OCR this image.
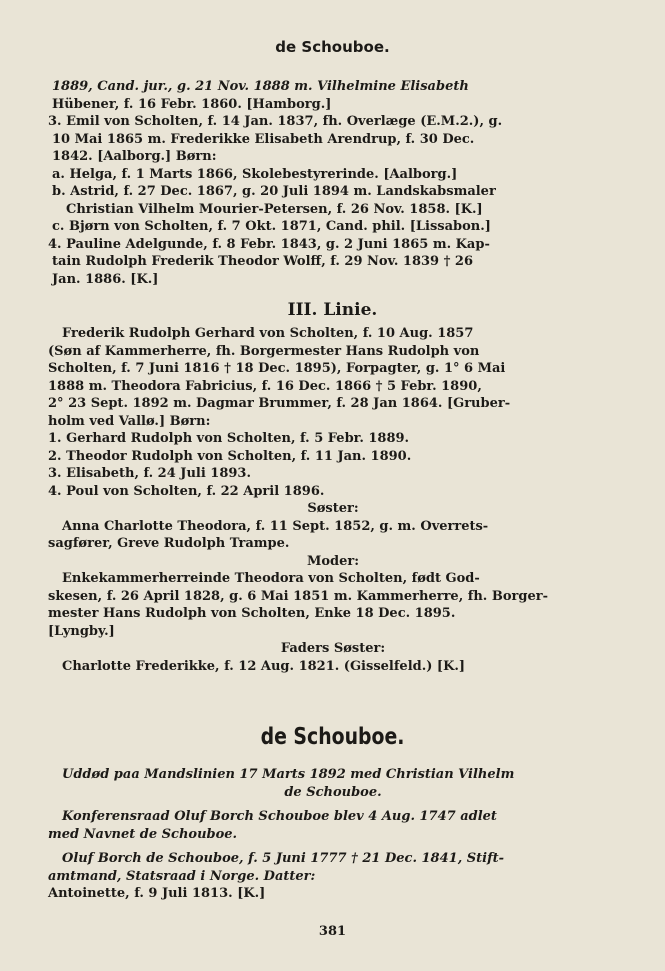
de Schouboe.
1889, Cand. jur., g. 21 Nov. 1888 m. Vilhelmine Elisabeth
Hübener, f. 16 Febr. 1860. [Hamborg.]
3. Emil von Scholten, f. 14 Jan. 1837, fh. Overlæge (E.M.2.), g.
10 Mai 1865 m. Frederikke Elisabeth Arendrup, f. 30 Dec.
1842. [Aalborg.] Børn:
a. Helga, f. 1 Marts 1866, Skolebestyrerinde. [Aalborg.]
b. Astrid, f. 27 Dec. 1867, g. 20 Juli 1894 m. Landskabsmaler
Christian Vilhelm Mourier-Petersen, f. 26 Nov. 1858. [K.]
c. Bjørn von Scholten, f. 7 Okt. 1871, Cand. phil. [Lissabon.]
4. Pauline Adelgunde, f. 8 Febr. 1843, g. 2 Juni 1865 m. Kap-
tain Rudolph Frederik Theodor Wolff, f. 29 Nov. 1839 † 26
Jan. 1886. [K.]
III. Linie.
Frederik Rudolph Gerhard von Scholten, f. 10 Aug. 1857
(Søn af Kammerherre, fh. Borgermester Hans Rudolph von
Scholten, f. 7 Juni 1816 † 18 Dec. 1895), Forpagter, g. 1° 6 Mai
1888 m. Theodora Fabricius, f. 16 Dec. 1866 † 5 Febr. 1890,
2° 23 Sept. 1892 m. Dagmar Brummer, f. 28 Jan 1864. [Gruber-
holm ved Vallø.] Børn:
1. Gerhard Rudolph von Scholten, f. 5 Febr. 1889.
2. Theodor Rudolph von Scholten, f. 11 Jan. 1890.
3. Elisabeth, f. 24 Juli 1893.
4. Poul von Scholten, f. 22 April 1896.
Søster:
Anna Charlotte Theodora, f. 11 Sept. 1852, g. m. Overrets-
sagfører, Greve Rudolph Trampe.
Moder:
Enkekammerherreinde Theodora von Scholten, født God-
skesen, f. 26 April 1828, g. 6 Mai 1851 m. Kammerherre, fh. Borger-
mester Hans Rudolph von Scholten, Enke 18 Dec. 1895.
[Lyngby.]
Faders Søster:
Charlotte Frederikke, f. 12 Aug. 1821. (Gisselfeld.) [K.]
de Schouboe.
Uddød paa Mandslinien 17 Marts 1892 med Christian Vilhelm
de Schouboe.
Konferensraad Oluf Borch Schouboe blev 4 Aug. 1747 adlet
med Navnet de Schouboe.
Oluf Borch de Schouboe, f. 5 Juni 1777 † 21 Dec. 1841, Stift-
amtmand, Statsraad i Norge. Datter:
Antoinette, f. 9 Juli 1813. [K.]
381
